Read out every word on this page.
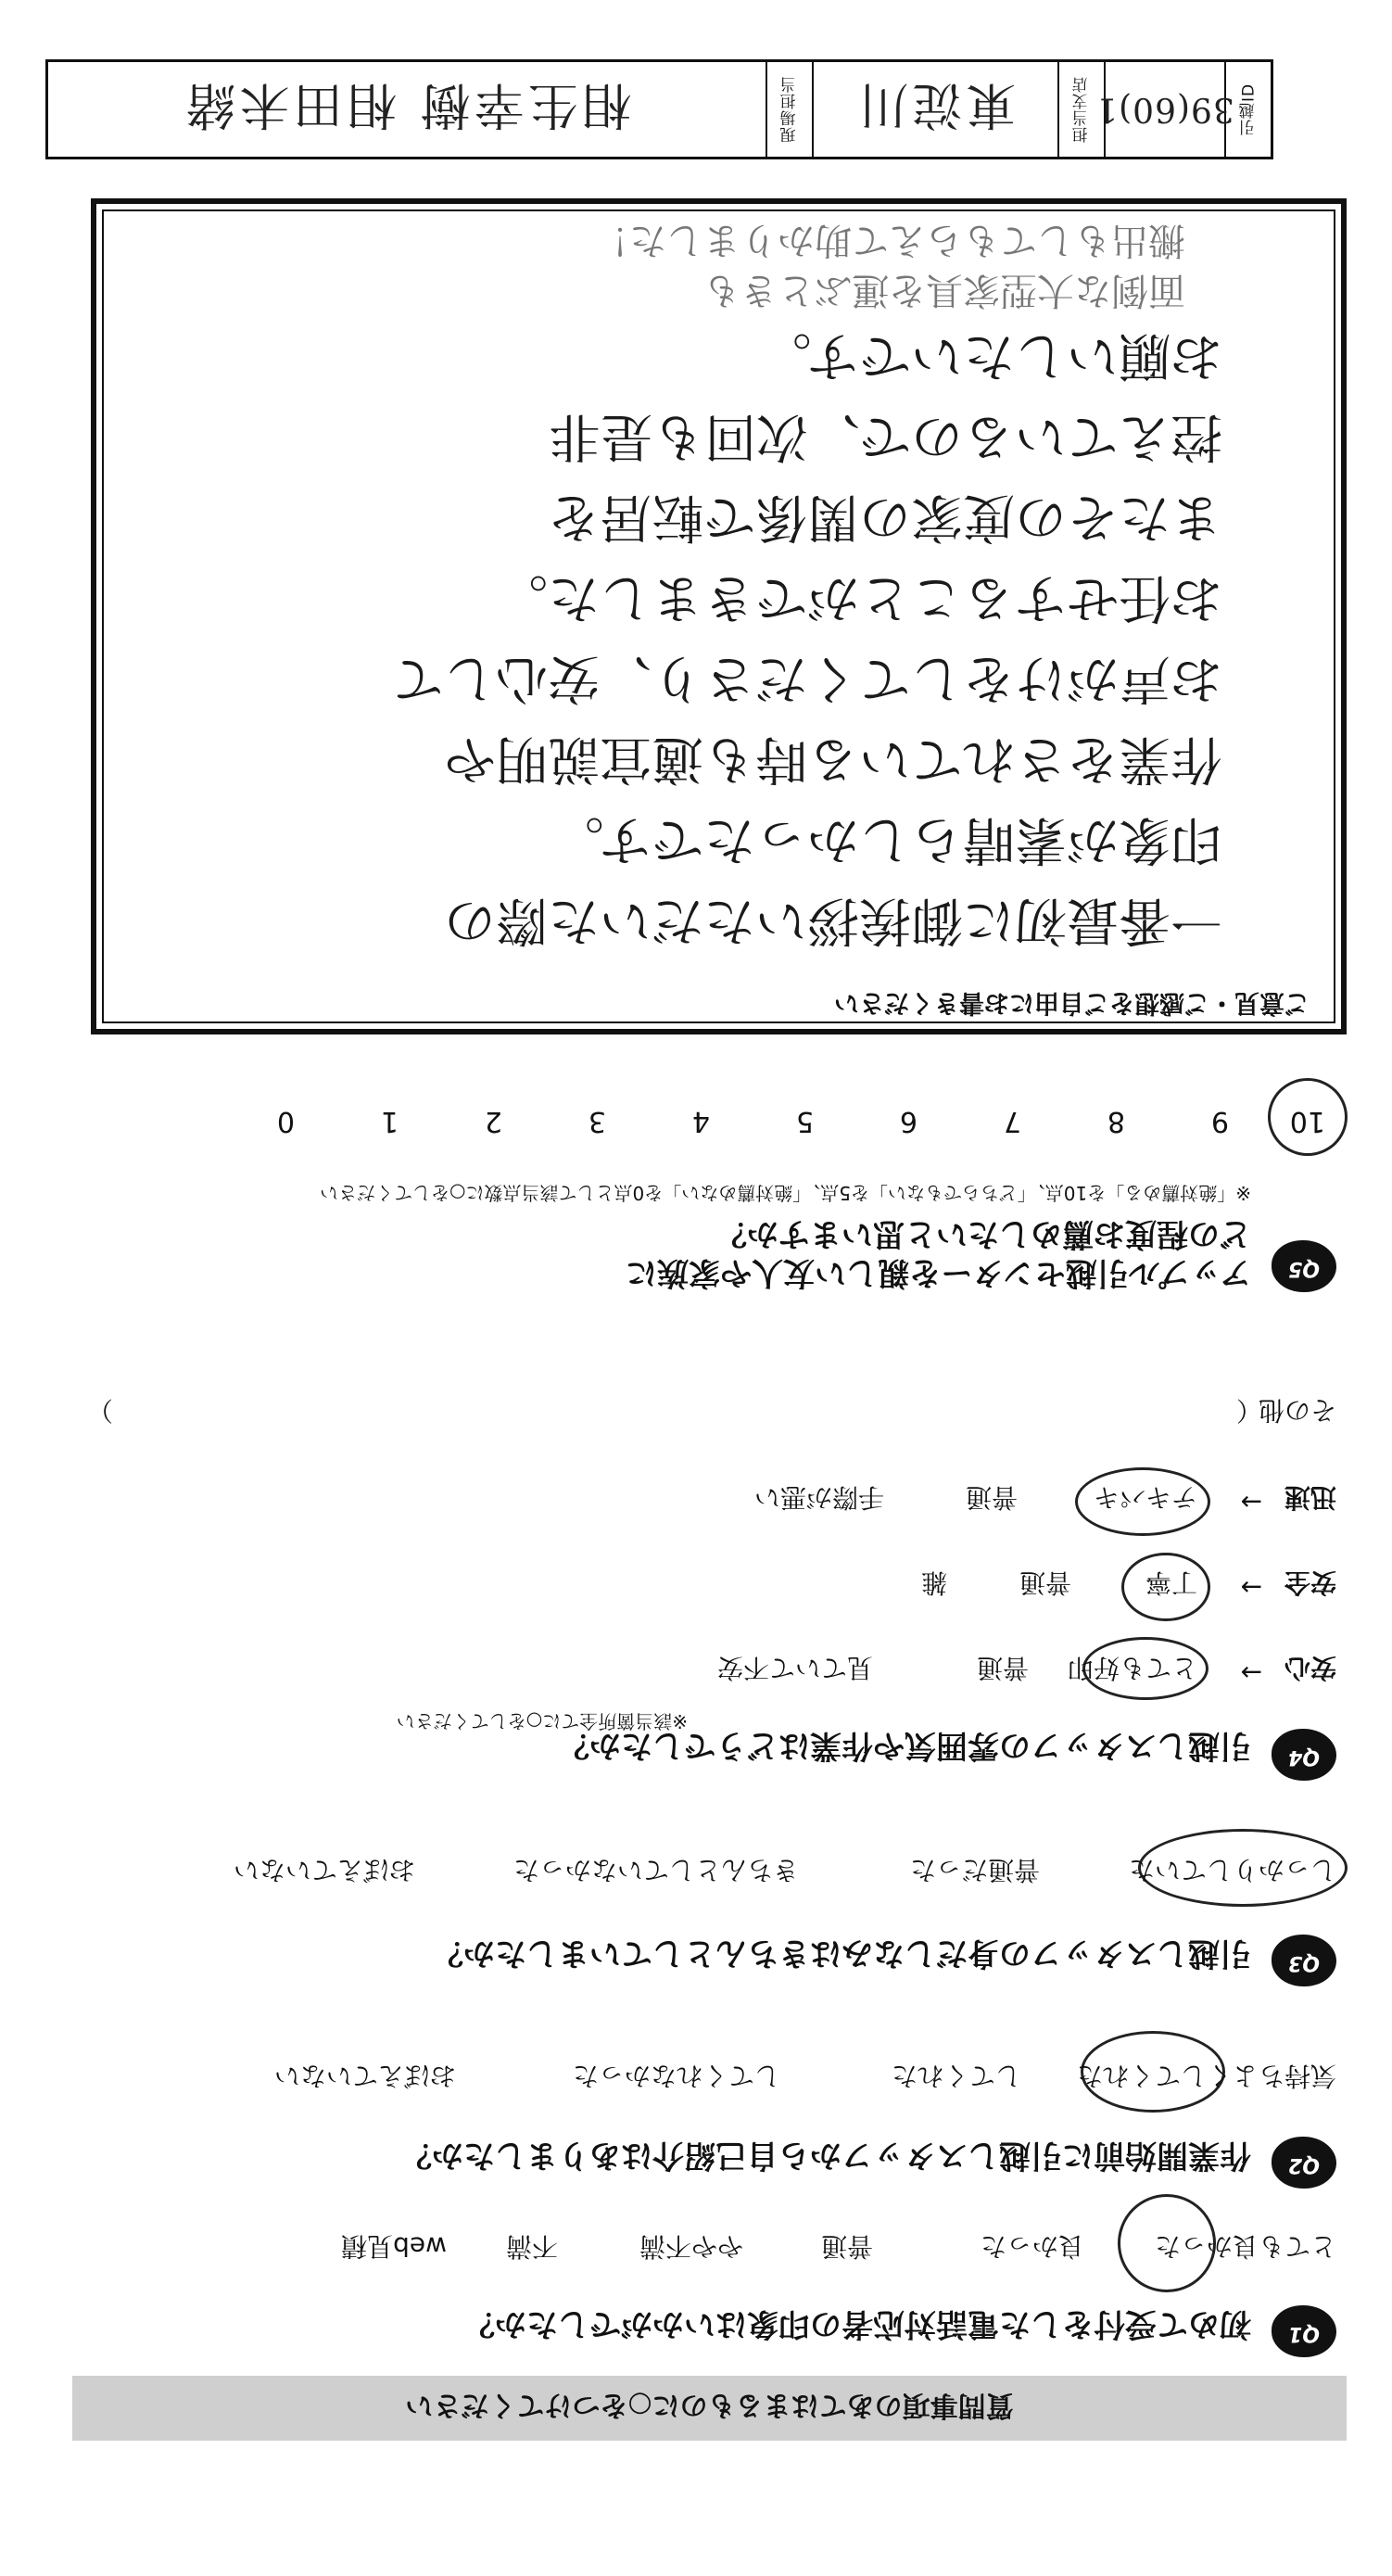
引越ID
39(60)1
担当支店
東淀川
現場担当
相生幸樹 相田未緒
ご意見・ご感想をご自由にお書きください
一番最初に御挨拶いただいた際の
印象が素晴らしかったです。
作業をされている時も適宜説明や
お声がけをしてくださり、安心して
お任せすることができました。
またその度家の関係で転居を
控えているので、次回も是非
お願いしたいです。
面倒な大型家具を運ぶときも
搬出もしてもらえて助かりました！
Q5
アップル引越センターを親しい友人や家族に
どの程度お薦めしたいと思いますか？
※「絶対薦める」を10点、「どちらでもない」を5点、「絶対薦めない」を0点として該当点数に○をしてください
10
9
8
7
6
5
4
3
2
1
0
Q4
引越しスタッフの雰囲気や作業はどうでしたか？
※該当箇所全てに○をしてください
安心
→
とても好印
普通
見ていて不安
安全
→
丁寧
普通
雑
迅速
→
テキパキ
普通
手際が悪い
その他
（
）
Q3
引越しスタッフの身だしなみはきちんとしていましたか？
しっかりしていた
普通だった
きちんとしていなかった
おぼえていない
Q2
作業開始前に引越しスタッフから自己紹介はありましたか？
気持ちよくしてくれた
してくれた
してくれなかった
おぼえていない
Q1
初めて受付をした電話対応者の印象はいかがでしたか？
とても良かった
良かった
普通
やや不満
不満
web見積
質問事項のあてはまるものに○をつけてください
